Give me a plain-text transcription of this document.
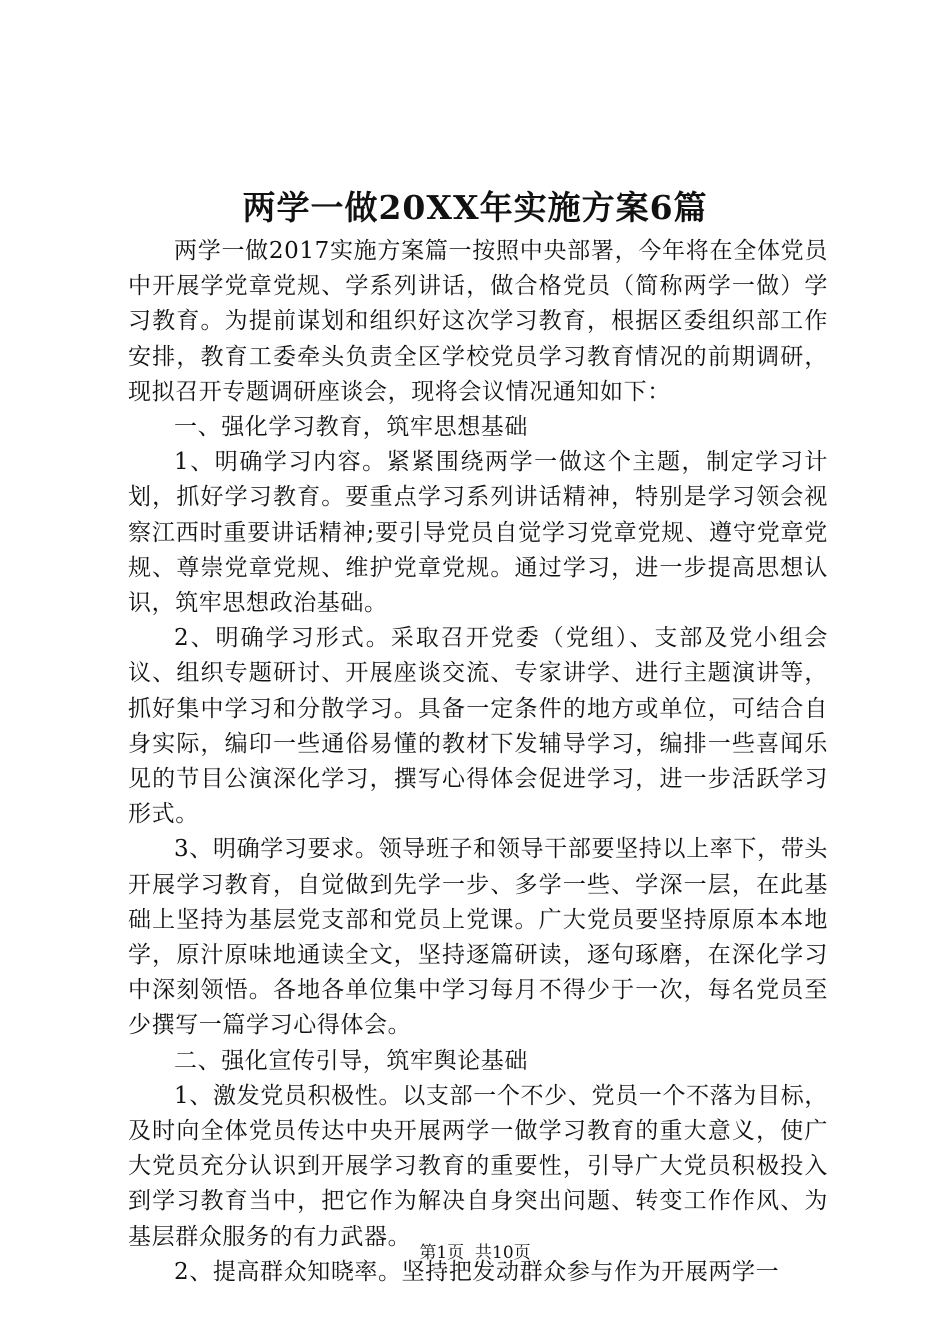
两学一做20XX年实施方案6篇

两学一做2017实施方案篇一按照中央部署，今年将在全体党员中开展学党章党规、学系列讲话，做合格党员（简称两学一做）学习教育。为提前谋划和组织好这次学习教育，根据区委组织部工作安排，教育工委牵头负责全区学校党员学习教育情况的前期调研，现拟召开专题调研座谈会，现将会议情况通知如下：

一、强化学习教育，筑牢思想基础

1、明确学习内容。紧紧围绕两学一做这个主题，制定学习计划，抓好学习教育。要重点学习系列讲话精神，特别是学习领会视察江西时重要讲话精神;要引导党员自觉学习党章党规、遵守党章党规、尊崇党章党规、维护党章党规。通过学习，进一步提高思想认识，筑牢思想政治基础。

2、明确学习形式。采取召开党委（党组）、支部及党小组会议、组织专题研讨、开展座谈交流、专家讲学、进行主题演讲等，抓好集中学习和分散学习。具备一定条件的地方或单位，可结合自身实际，编印一些通俗易懂的教材下发辅导学习，编排一些喜闻乐见的节目公演深化学习，撰写心得体会促进学习，进一步活跃学习形式。

3、明确学习要求。领导班子和领导干部要坚持以上率下，带头开展学习教育，自觉做到先学一步、多学一些、学深一层，在此基础上坚持为基层党支部和党员上党课。广大党员要坚持原原本本地学，原汁原味地通读全文，坚持逐篇研读，逐句琢磨，在深化学习中深刻领悟。各地各单位集中学习每月不得少于一次，每名党员至少撰写一篇学习心得体会。

二、强化宣传引导，筑牢舆论基础

1、激发党员积极性。以支部一个不少、党员一个不落为目标，及时向全体党员传达中央开展两学一做学习教育的重大意义，使广大党员充分认识到开展学习教育的重要性，引导广大党员积极投入到学习教育当中，把它作为解决自身突出问题、转变工作作风、为基层群众服务的有力武器。

2、提高群众知晓率。坚持把发动群众参与作为开展两学一

第1页 共10页
